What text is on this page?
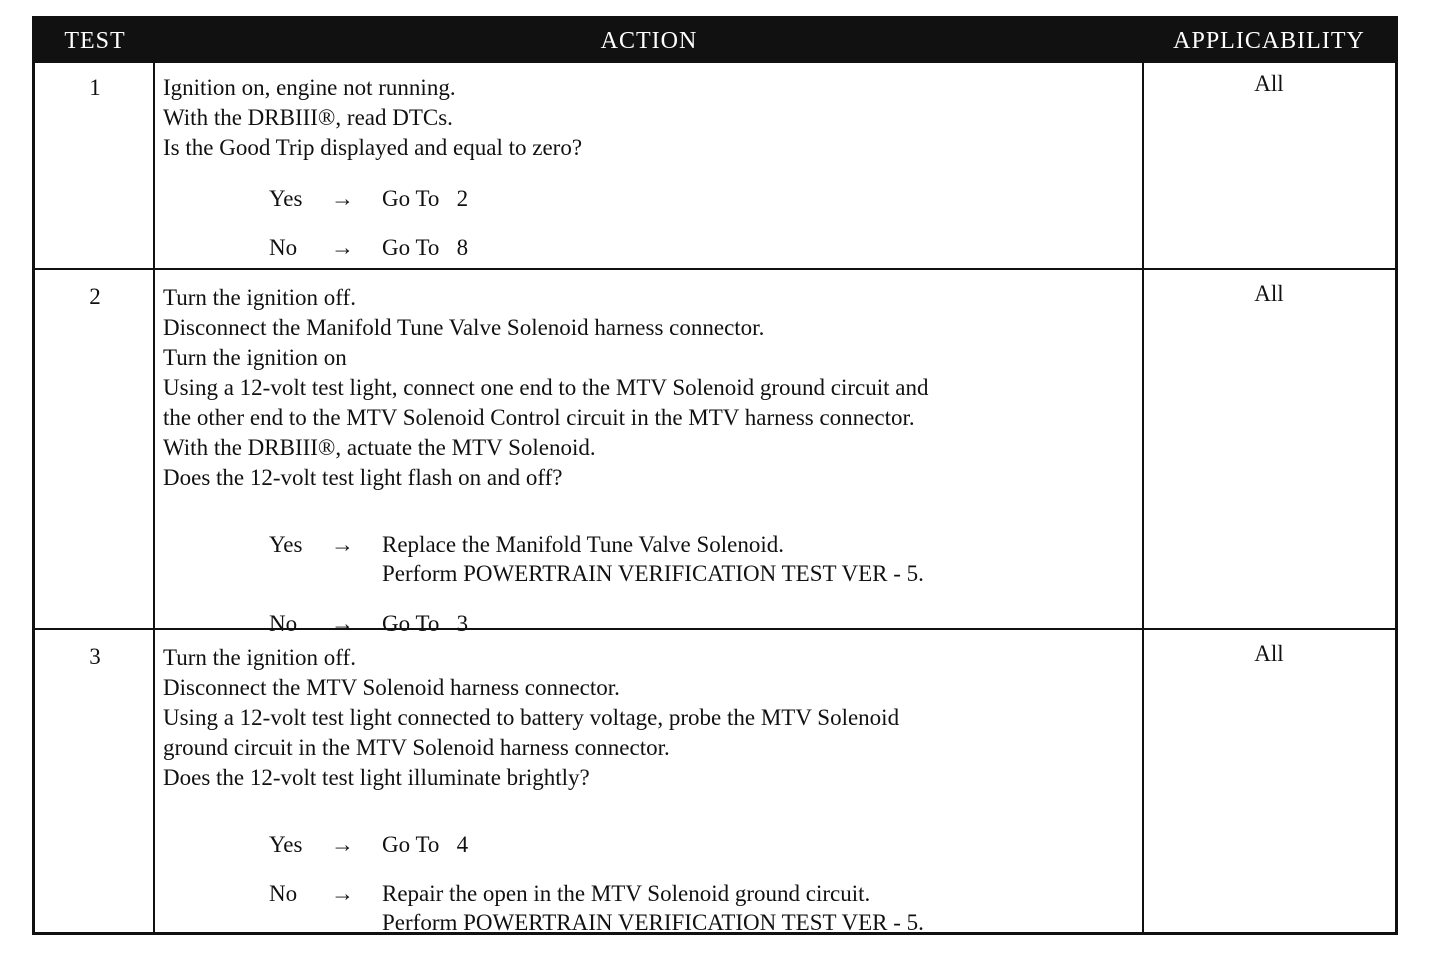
TEST	ACTION	APPLICABILITY
1	Ignition on, engine not running.
With the DRBIII®, read DTCs.
Is the Good Trip displayed and equal to zero?
Yes	→ Go To   2
No	→ Go To   8
All
2	Turn the ignition off.
Disconnect the Manifold Tune Valve Solenoid harness connector.
Turn the ignition on
Using a 12-volt test light, connect one end to the MTV Solenoid ground circuit and
the other end to the MTV Solenoid Control circuit in the MTV harness connector.
With the DRBIII®, actuate the MTV Solenoid.
Does the 12-volt test light flash on and off?
Yes	→ Replace the Manifold Tune Valve Solenoid.
Perform POWERTRAIN VERIFICATION TEST VER - 5.
No	→ Go To   3
All
3	Turn the ignition off.
Disconnect the MTV Solenoid harness connector.
Using a 12-volt test light connected to battery voltage, probe the MTV Solenoid
ground circuit in the MTV Solenoid harness connector.
Does the 12-volt test light illuminate brightly?
Yes	→ Go To   4
No	→ Repair the open in the MTV Solenoid ground circuit.
Perform POWERTRAIN VERIFICATION TEST VER - 5.
All
